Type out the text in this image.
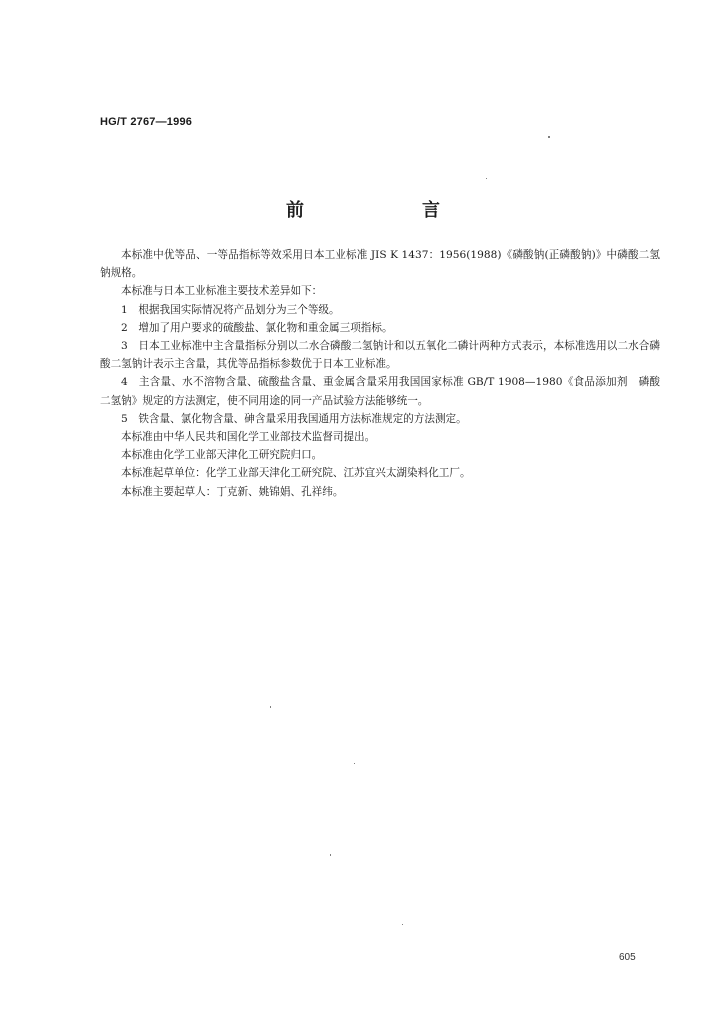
HG/T 2767—1996
前　言

本标准中优等品、一等品指标等效采用日本工业标准 JIS K 1437：1956(1988)《磷酸钠(正磷酸钠)》中磷酸二氢钠规格。

本标准与日本工业标准主要技术差异如下：

1　根据我国实际情况将产品划分为三个等级。

2　增加了用户要求的硫酸盐、氯化物和重金属三项指标。

3　日本工业标准中主含量指标分别以二水合磷酸二氢钠计和以五氧化二磷计两种方式表示，本标准选用以二水合磷酸二氢钠计表示主含量，其优等品指标参数优于日本工业标准。

4　主含量、水不溶物含量、硫酸盐含量、重金属含量采用我国国家标准 GB/T 1908—1980《食品添加剂　磷酸二氢钠》规定的方法测定，使不同用途的同一产品试验方法能够统一。

5　铁含量、氯化物含量、砷含量采用我国通用方法标准规定的方法测定。

本标准由中华人民共和国化学工业部技术监督司提出。

本标准由化学工业部天津化工研究院归口。

本标准起草单位：化学工业部天津化工研究院、江苏宜兴太湖染料化工厂。

本标准主要起草人：丁克新、姚锦娟、孔祥纬。

605
